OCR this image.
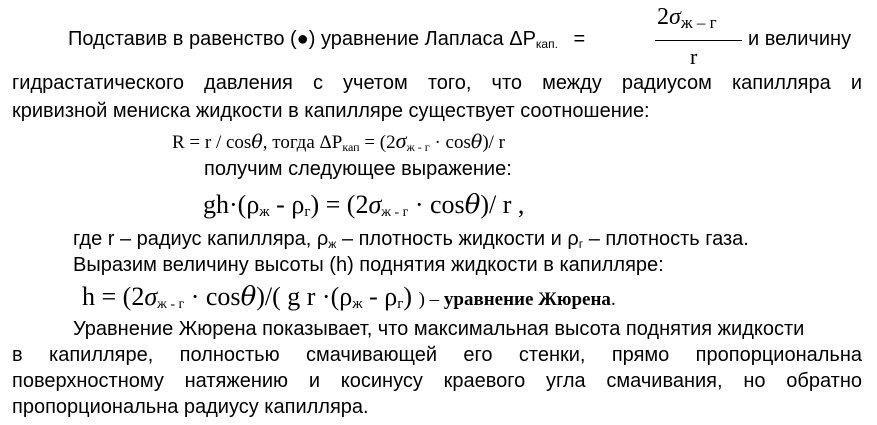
Подставив в равенство (●) уравнение Лапласа $\Delta P_{кап.}$ =
2σж – г
r
и величину
гидрастатического давления с учетом того, что между радиусом капилляра и
кривизной мениска жидкости в капилляре существует соотношение:
R = r / cosθ, тогда $\Delta P_{кап} = (2\sigma_{ж - г} \cdot \cos\theta)/$ r
получим следующее выражение:
$gh\cdot(\rho_ж - \rho_г) = (2\sigma_{ж - г} \cdot \cos\theta)/$ r ,
где r – радиус капилляра, $\rho_ж$ – плотность жидкости и $\rho_г$ – плотность газа.
Выразим величину высоты (h) поднятия жидкости в капилляре:
$h = (2\sigma_{ж - г} \cdot \cos\theta)/$( g $r \cdot(\rho_ж - \rho_г)$ ) – уравнение Жюрена.
Уравнение Жюрена показывает, что максимальная высота поднятия жидкости
в капилляре, полностью смачивающей его стенки, прямо пропорциональна
поверхностному натяжению и косинусу краевого угла смачивания, но обратно
пропорциональна радиусу капилляра.
